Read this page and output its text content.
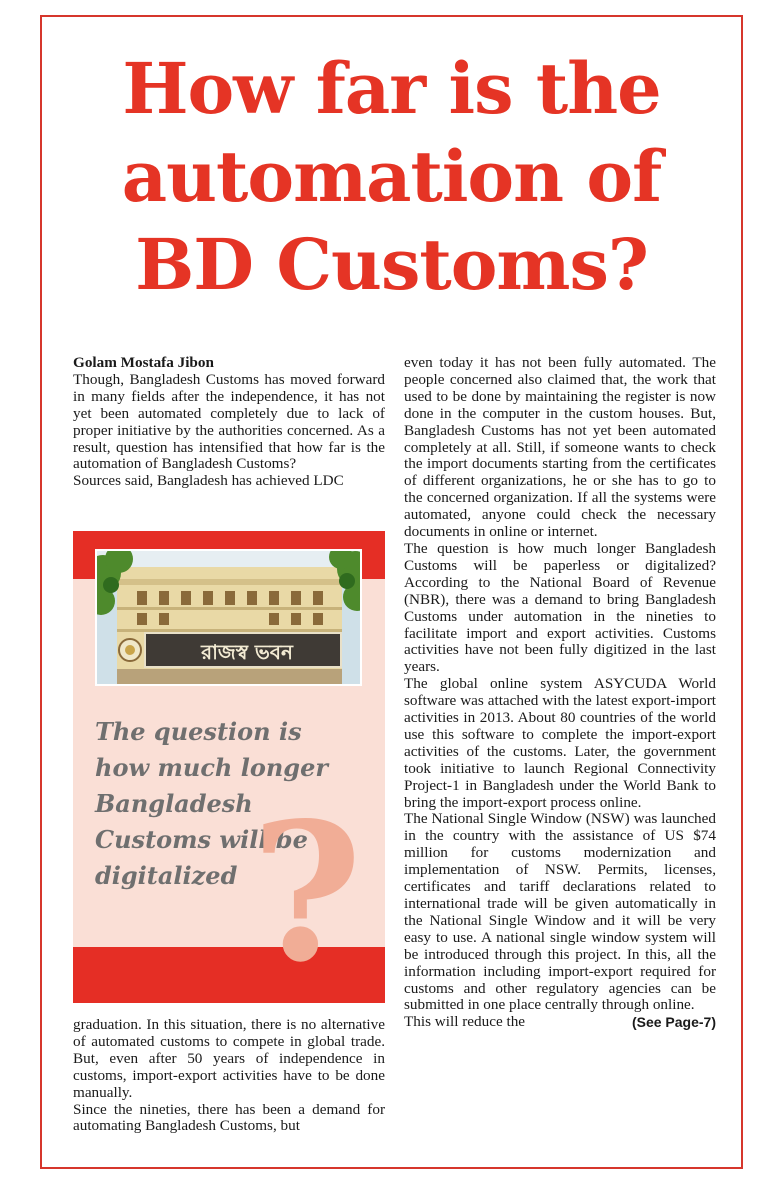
How far is the
automation of
BD Customs?

Golam Mostafa Jibon

Though, Bangladesh Customs has moved forward in many fields after the independence, it has not yet been automated completely due to lack of proper initiative by the authorities concerned. As a result, question has intensified that how far is the automation of Bangladesh Customs?

Sources said, Bangladesh has achieved LDC

রাজস্ব ভবন
The question is
how much longer
Bangladesh
Customs will be
digitalized ?

graduation. In this situation, there is no alternative of automated customs to compete in global trade. But, even after 50 years of independence in customs, import-export activities have to be done manually.

Since the nineties, there has been a demand for automating Bangladesh Customs, but

even today it has not been fully automated. The people concerned also claimed that, the work that used to be done by maintaining the register is now done in the computer in the custom houses. But, Bangladesh Customs has not yet been automated completely at all. Still, if someone wants to check the import documents starting from the certificates of different organizations, he or she has to go to the concerned organization. If all the systems were automated, anyone could check the necessary documents in online or internet.

The question is how much longer Bangladesh Customs will be paperless or digitalized? According to the National Board of Revenue (NBR), there was a demand to bring Bangladesh Customs under automation in the nineties to facilitate import and export activities. Customs activities have not been fully digitized in the last years.

The global online system ASYCUDA World software was attached with the latest export-import activities in 2013. About 80 countries of the world use this software to complete the import-export activities of the customs. Later, the government took initiative to launch Regional Connectivity Project-1 in Bangladesh under the World Bank to bring the import-export process online.

The National Single Window (NSW) was launched in the country with the assistance of US $74 million for customs modernization and implementation of NSW. Permits, licenses, certificates and tariff declarations related to international trade will be given automatically in the National Single Window and it will be very easy to use. A national single window system will be introduced through this project. In this, all the information including import-export required for customs and other regulatory agencies can be submitted in one place centrally through online.

This will reduce the	(See Page-7)
